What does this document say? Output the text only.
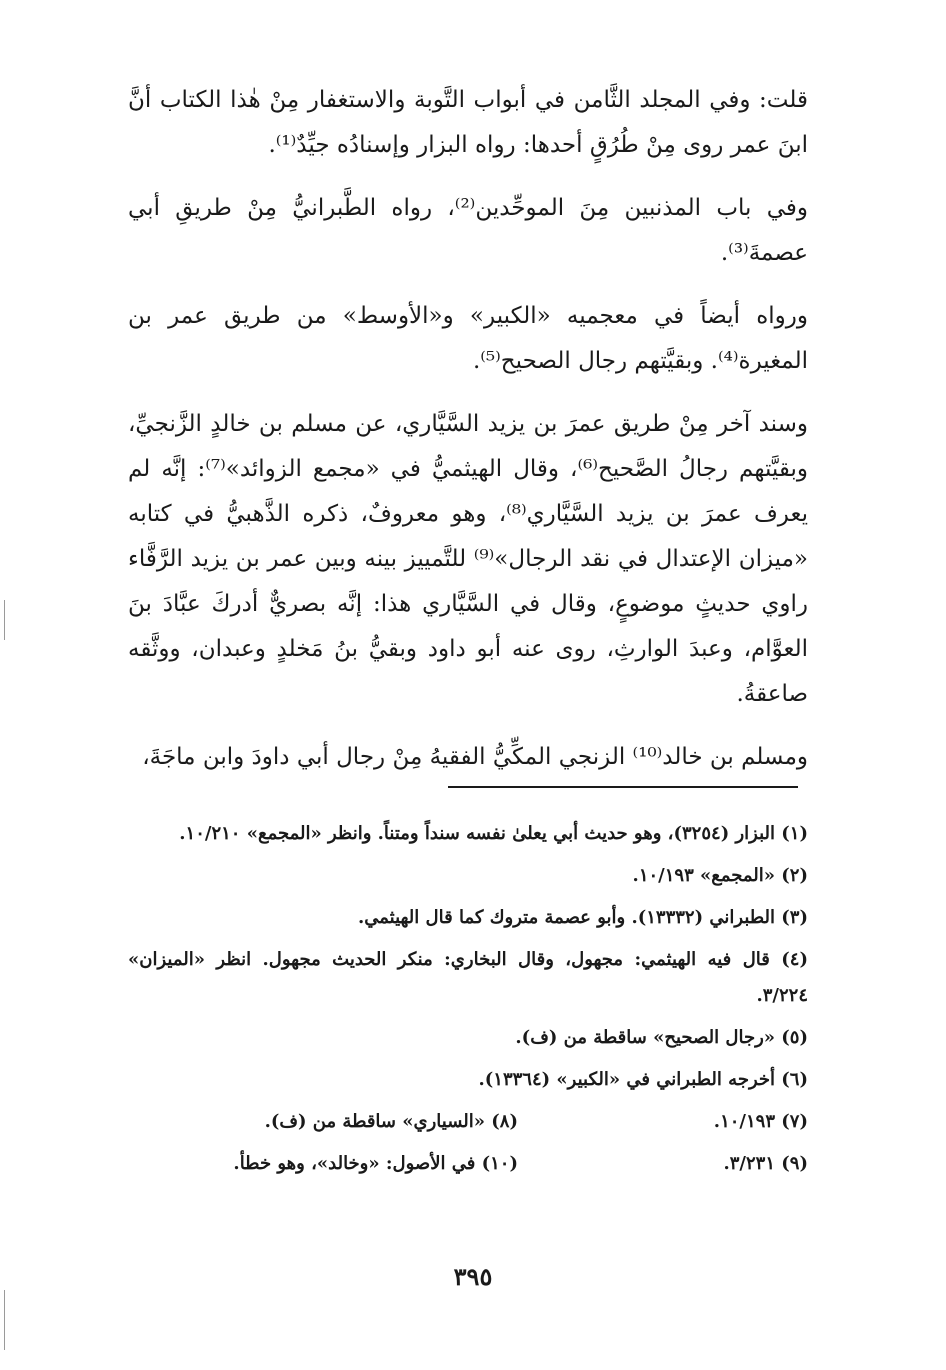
قلت: وفي المجلد الثَّامن في أبواب التَّوبة والاستغفار مِنْ هٰذا الكتاب أنَّ ابنَ عمر روى مِنْ طُرُقٍ أحدها: رواه البزار وإسنادُه جيِّدٌ⁽¹⁾.

وفي باب المذنبين مِنَ الموحِّدين⁽²⁾، رواه الطَّبرانيُّ مِنْ طريقِ أبي عصمةَ⁽³⁾.

ورواه أيضاً في معجميه «الكبير» و«الأوسط» من طريق عمر بن المغيرة⁽⁴⁾. وبقيَّتهم رجال الصحيح⁽⁵⁾.

وسند آخر مِنْ طريق عمرَ بن يزيد السَّيَّاري، عن مسلم بن خالدٍ الزَّنجيِّ، وبقيَّتهم رجالُ الصَّحيح⁽⁶⁾، وقال الهيثميُّ في «مجمع الزوائد»⁽⁷⁾: إنَّه لم يعرف عمرَ بن يزيد السَّيَّاري⁽⁸⁾، وهو معروفٌ، ذكره الذَّهبيُّ في كتابه «ميزان الإعتدال في نقد الرجال»⁽⁹⁾ للتَّمييز بينه وبين عمر بن يزيد الرَّفَّاء راوي حديثٍ موضوعٍ، وقال في السَّيَّاري هذا: إنَّه بصريٌّ أدركَ عبَّادَ بنَ العوَّام، وعبدَ الوارثِ، روى عنه أبو داود وبقيُّ بنُ مَخلدٍ وعبدان، ووثَّقه صاعقةُ.

ومسلم بن خالد⁽¹⁰⁾ الزنجي المكِّيُّ الفقيهُ مِنْ رجال أبي داودَ وابن ماجَةَ،

(١) البزار (٣٢٥٤)، وهو حديث أبي يعلىٰ نفسه سنداً ومتناً. وانظر «المجمع» ١٠/٢١٠.

(٢) «المجمع» ١٠/١٩٣.

(٣) الطبراني (١٣٣٣٢). وأبو عصمة متروك كما قال الهيثمي.

(٤) قال فيه الهيثمي: مجهول، وقال البخاري: منكر الحديث مجهول. انظر «الميزان» ٣/٢٢٤.

(٥) «رجال الصحيح» ساقطة من (ف).

(٦) أخرجه الطبراني في «الكبير» (١٣٣٦٤).

(٧) ١٠/١٩٣.

(٨) «السياري» ساقطة من (ف).

(٩) ٣/٢٣١.

(١٠) في الأصول: «وخالد»، وهو خطأ.

٣٩٥
